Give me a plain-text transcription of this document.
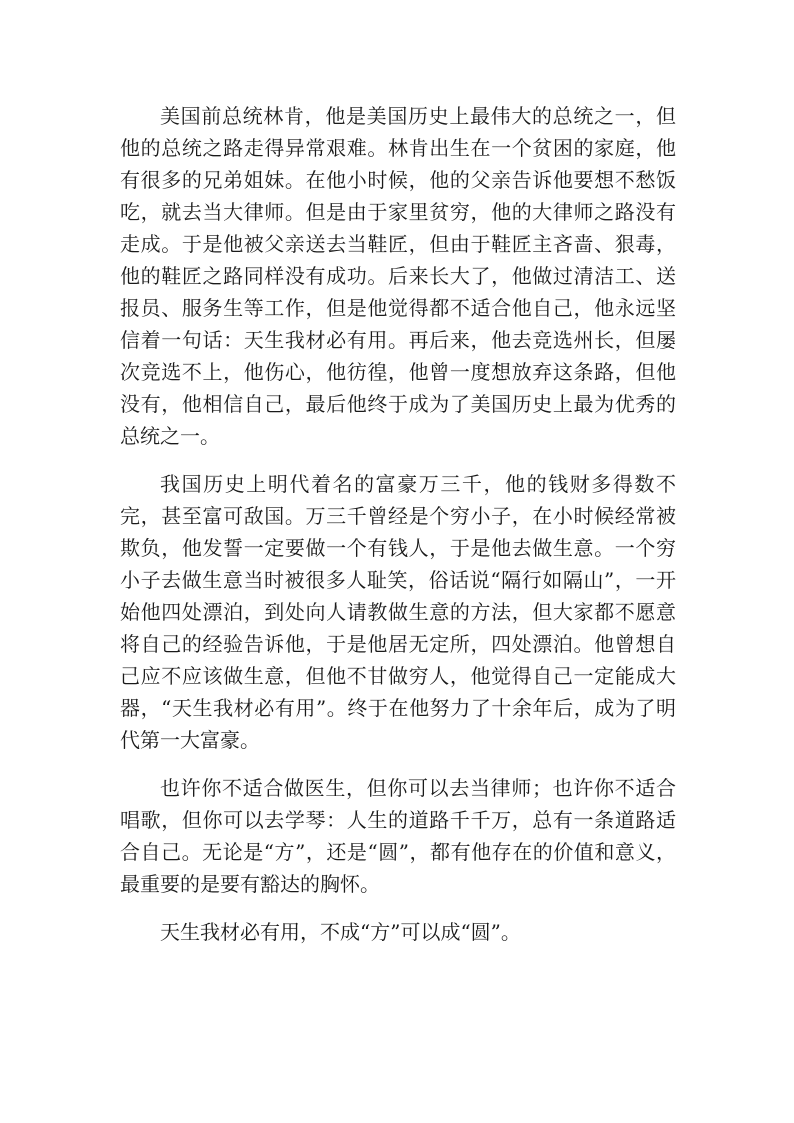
美国前总统林肯，他是美国历史上最伟大的总统之一，但他的总统之路走得异常艰难。林肯出生在一个贫困的家庭，他有很多的兄弟姐妹。在他小时候，他的父亲告诉他要想不愁饭吃，就去当大律师。但是由于家里贫穷，他的大律师之路没有走成。于是他被父亲送去当鞋匠，但由于鞋匠主吝啬、狠毒，他的鞋匠之路同样没有成功。后来长大了，他做过清洁工、送报员、服务生等工作，但是他觉得都不适合他自己，他永远坚信着一句话：天生我材必有用。再后来，他去竞选州长，但屡次竞选不上，他伤心，他彷徨，他曾一度想放弃这条路，但他没有，他相信自己，最后他终于成为了美国历史上最为优秀的总统之一。

我国历史上明代着名的富豪万三千，他的钱财多得数不完，甚至富可敌国。万三千曾经是个穷小子，在小时候经常被欺负，他发誓一定要做一个有钱人，于是他去做生意。一个穷小子去做生意当时被很多人耻笑，俗话说“隔行如隔山”，一开始他四处漂泊，到处向人请教做生意的方法，但大家都不愿意将自己的经验告诉他，于是他居无定所，四处漂泊。他曾想自己应不应该做生意，但他不甘做穷人，他觉得自己一定能成大器，“天生我材必有用”。终于在他努力了十余年后，成为了明代第一大富豪。

也许你不适合做医生，但你可以去当律师；也许你不适合唱歌，但你可以去学琴：人生的道路千千万，总有一条道路适合自己。无论是“方”，还是“圆”，都有他存在的价值和意义，最重要的是要有豁达的胸怀。

天生我材必有用，不成“方”可以成“圆”。
